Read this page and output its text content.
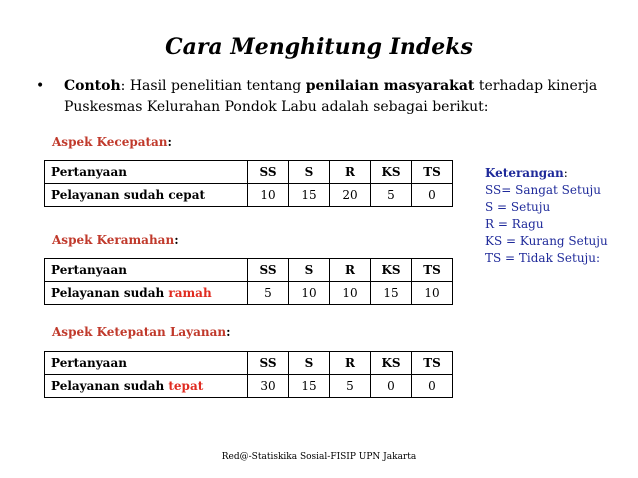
Cara Menghitung Indeks
• Contoh: Hasil penelitian tentang penilaian masyarakat terhadap kinerja Puskesmas Kelurahan Pondok Labu adalah sebagai berikut:
Aspek Kecepatan:
Pertanyaan	SS	S	R	KS	TS
Pelayanan sudah cepat	10	15	20	5	0
Aspek Keramahan:
Pertanyaan	SS	S	R	KS	TS
Pelayanan sudah ramah	5	10	10	15	10
Aspek Ketepatan Layanan:
Pertanyaan	SS	S	R	KS	TS
Pelayanan sudah tepat	30	15	5	0	0
Keterangan:
SS= Sangat Setuju
S = Setuju
R = Ragu
KS = Kurang Setuju
TS = Tidak Setuju:
Red@-Statiskika Sosial-FISIP UPN Jakarta
